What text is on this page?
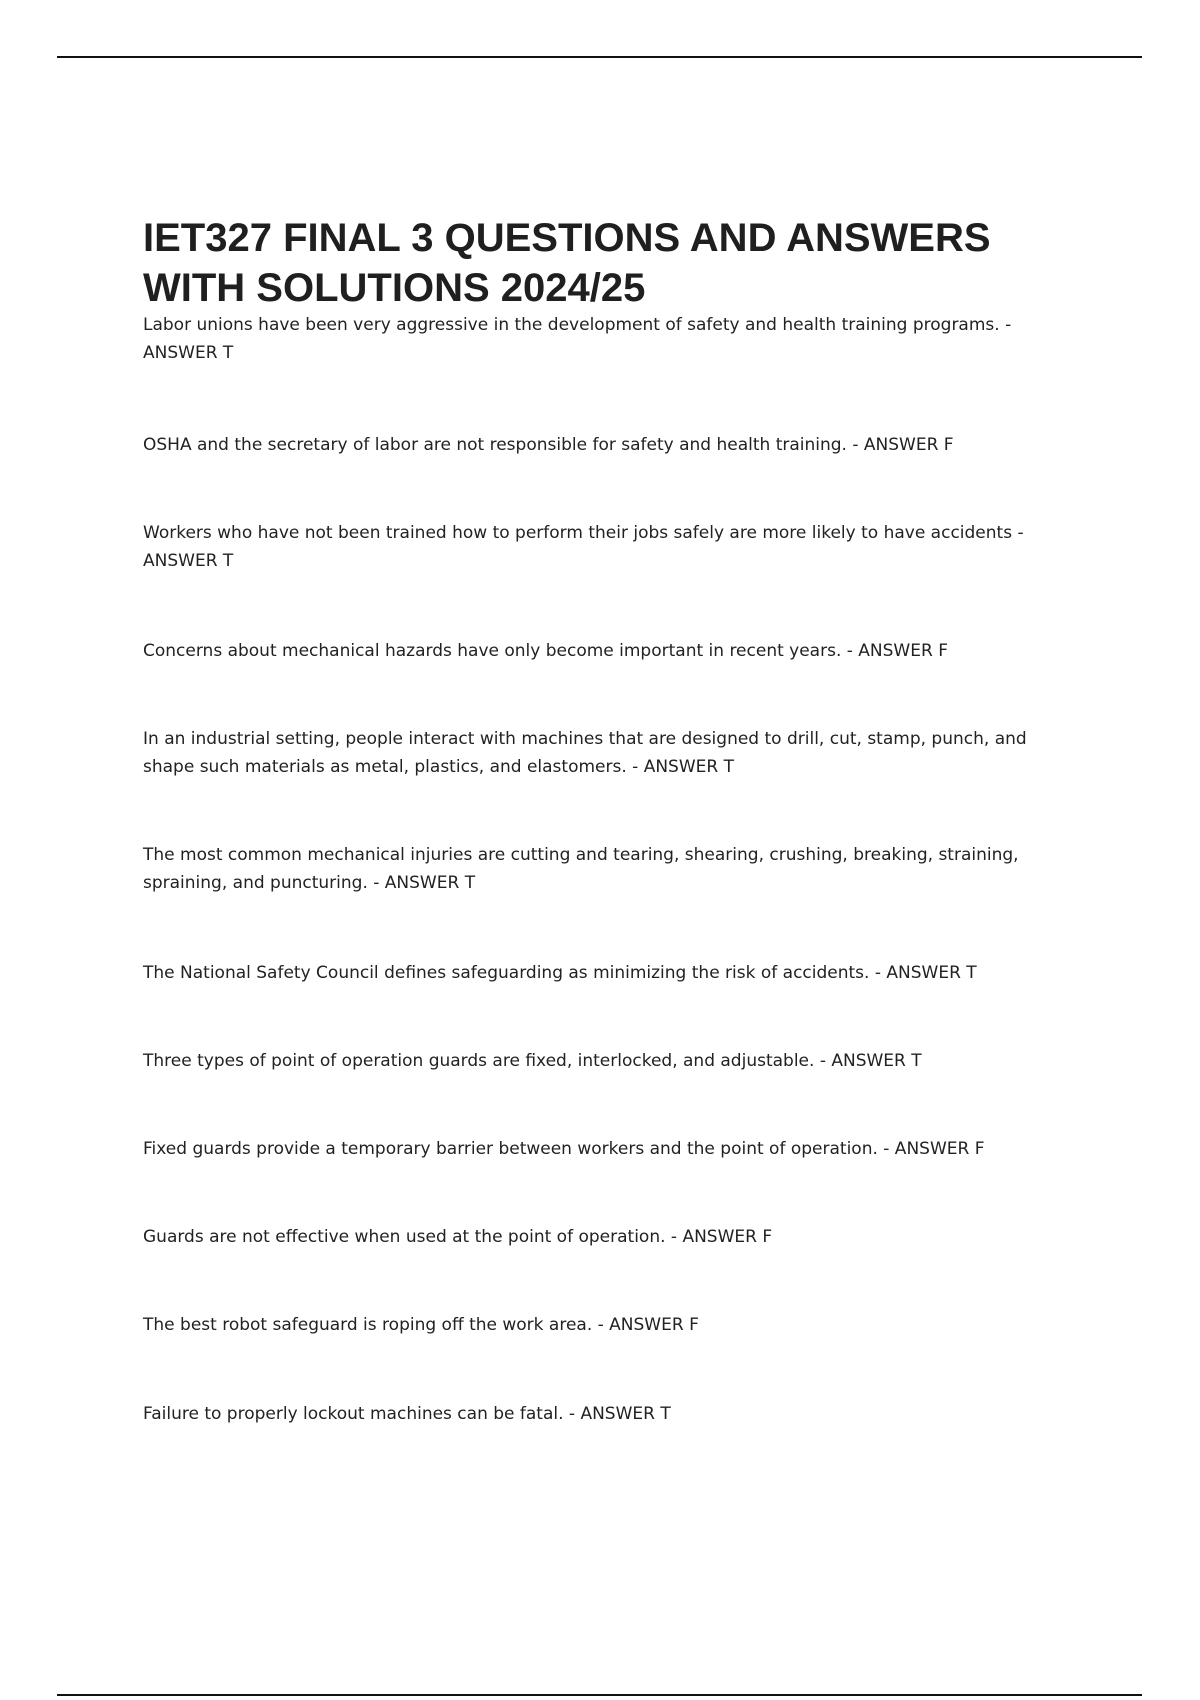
IET327 FINAL 3 QUESTIONS AND ANSWERS
WITH SOLUTIONS 2024/25
Labor unions have been very aggressive in the development of safety and health training programs. - ANSWER T
OSHA and the secretary of labor are not responsible for safety and health training. - ANSWER F
Workers who have not been trained how to perform their jobs safely are more likely to have accidents - ANSWER T
Concerns about mechanical hazards have only become important in recent years. - ANSWER F
In an industrial setting, people interact with machines that are designed to drill, cut, stamp, punch, and shape such materials as metal, plastics, and elastomers. - ANSWER T
The most common mechanical injuries are cutting and tearing, shearing, crushing, breaking, straining, spraining, and puncturing. - ANSWER T
The National Safety Council defines safeguarding as minimizing the risk of accidents. - ANSWER T
Three types of point of operation guards are fixed, interlocked, and adjustable. - ANSWER T
Fixed guards provide a temporary barrier between workers and the point of operation. - ANSWER F
Guards are not effective when used at the point of operation. - ANSWER F
The best robot safeguard is roping off the work area. - ANSWER F
Failure to properly lockout machines can be fatal. - ANSWER T
